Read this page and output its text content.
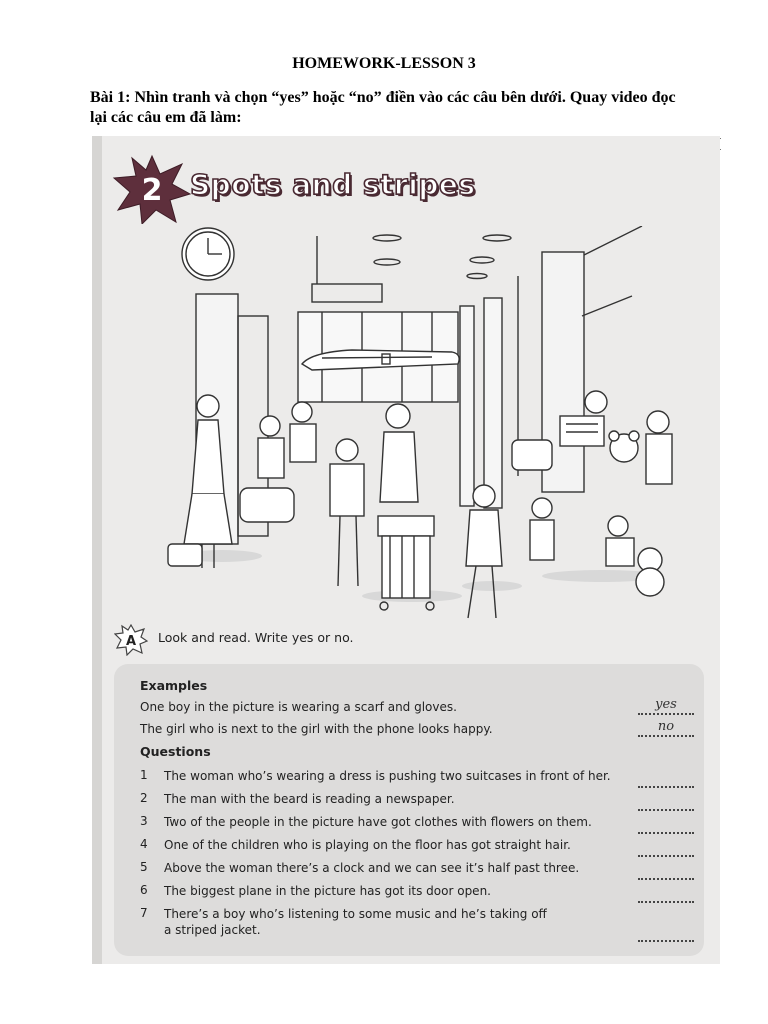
HOMEWORK-LESSON 3
Bài 1: Nhìn tranh và chọn “yes” hoặc “no” điền vào các câu bên dưới. Quay video đọc lại các câu em đã làm:
2 Spots and stripes
A Look and read. Write yes or no.
Examples
One boy in the picture is wearing a scarf and gloves.	yes
The girl who is next to the girl with the phone looks happy.	no
Questions
1	The woman who’s wearing a dress is pushing two suitcases in front of her.
2	The man with the beard is reading a newspaper.
3	Two of the people in the picture have got clothes with flowers on them.
4	One of the children who is playing on the floor has got straight hair.
5	Above the woman there’s a clock and we can see it’s half past three.
6	The biggest plane in the picture has got its door open.
7	There’s a boy who’s listening to some music and he’s taking off a striped jacket.
